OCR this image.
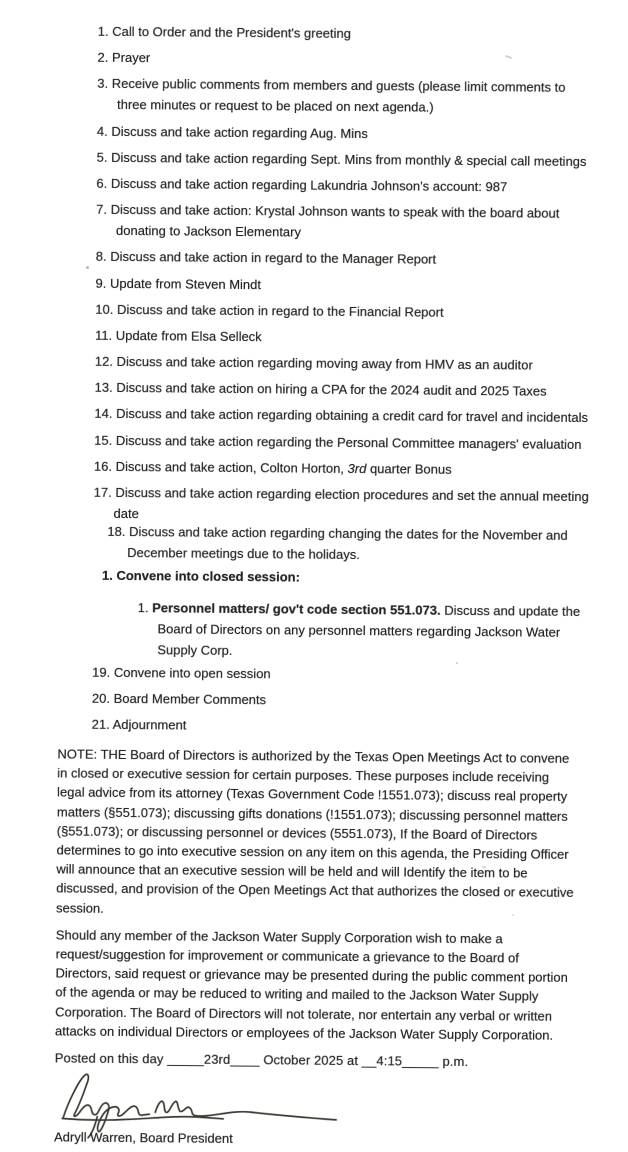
1. Call to Order and the President's greeting
2. Prayer
3. Receive public comments from members and guests (please limit comments to three minutes or request to be placed on next agenda.)
4. Discuss and take action regarding Aug. Mins
5. Discuss and take action regarding Sept. Mins from monthly & special call meetings
6. Discuss and take action regarding Lakundria Johnson's account: 987
7. Discuss and take action: Krystal Johnson wants to speak with the board about donating to Jackson Elementary
8. Discuss and take action in regard to the Manager Report
9. Update from Steven Mindt
10. Discuss and take action in regard to the Financial Report
11. Update from Elsa Selleck
12. Discuss and take action regarding moving away from HMV as an auditor
13. Discuss and take action on hiring a CPA for the 2024 audit and 2025 Taxes
14. Discuss and take action regarding obtaining a credit card for travel and incidentals
15. Discuss and take action regarding the Personal Committee managers' evaluation
16. Discuss and take action, Colton Horton, 3rd quarter Bonus
17. Discuss and take action regarding election procedures and set the annual meeting date
18. Discuss and take action regarding changing the dates for the November and December meetings due to the holidays.
1. Convene into closed session:
1. Personnel matters/ gov't code section 551.073. Discuss and update the Board of Directors on any personnel matters regarding Jackson Water Supply Corp.
19. Convene into open session
20. Board Member Comments
21. Adjournment

NOTE: THE Board of Directors is authorized by the Texas Open Meetings Act to convene in closed or executive session for certain purposes. These purposes include receiving legal advice from its attorney (Texas Government Code !1551.073); discuss real property matters (§551.073); discussing gifts donations (!1551.073); discussing personnel matters (§551.073); or discussing personnel or devices (5551.073), If the Board of Directors determines to go into executive session on any item on this agenda, the Presiding Officer will announce that an executive session will be held and will Identify the item to be discussed, and provision of the Open Meetings Act that authorizes the closed or executive session.

Should any member of the Jackson Water Supply Corporation wish to make a request/suggestion for improvement or communicate a grievance to the Board of Directors, said request or grievance may be presented during the public comment portion of the agenda or may be reduced to writing and mailed to the Jackson Water Supply Corporation. The Board of Directors will not tolerate, nor entertain any verbal or written attacks on individual Directors or employees of the Jackson Water Supply Corporation.

Posted on this day _____23rd____ October 2025 at __4:15_____ p.m.

Adryll Warren, Board President
